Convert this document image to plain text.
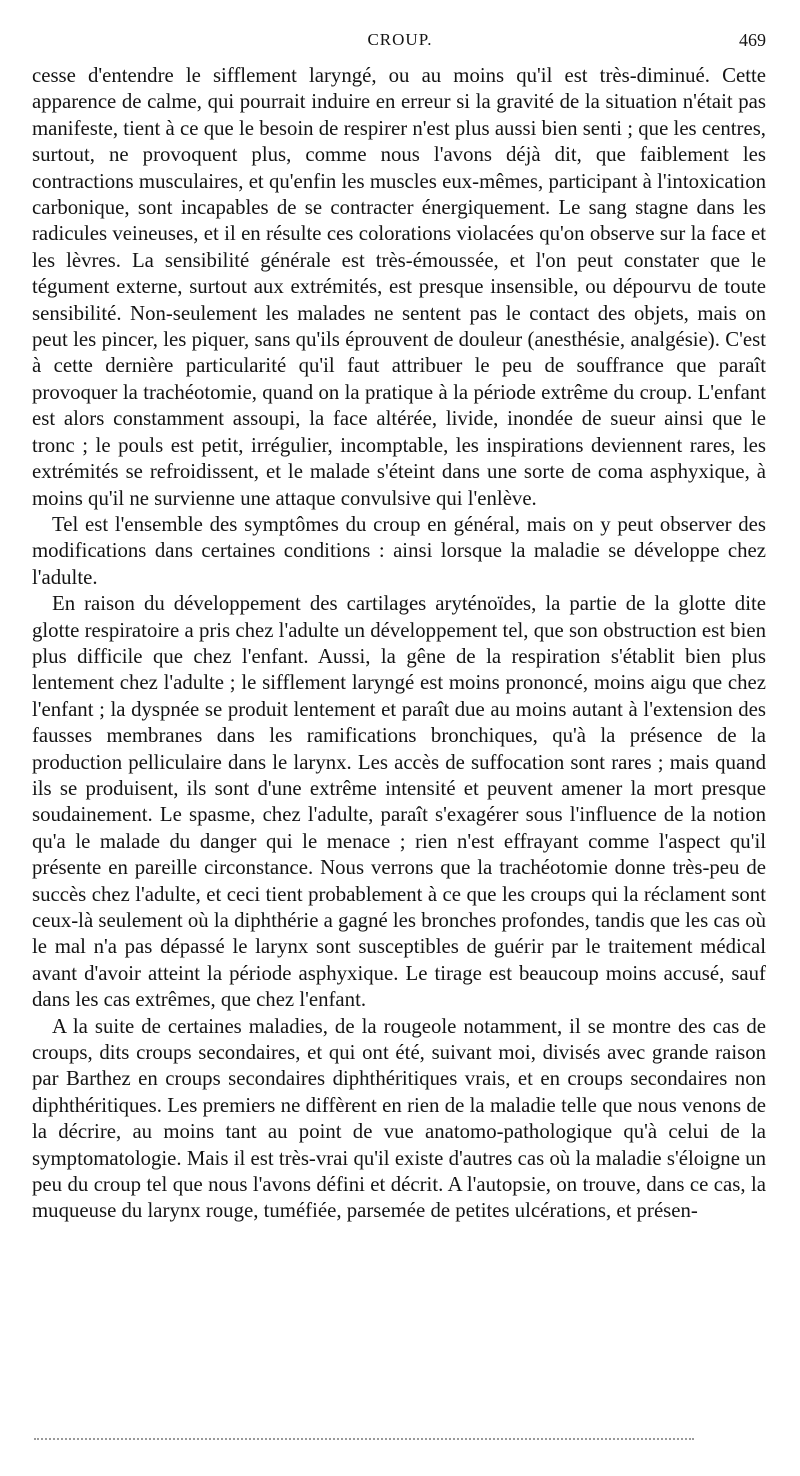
CROUP.	469

cesse d'entendre le sifflement laryngé, ou au moins qu'il est très-diminué. Cette apparence de calme, qui pourrait induire en erreur si la gravité de la situation n'était pas manifeste, tient à ce que le besoin de respirer n'est plus aussi bien senti ; que les centres, surtout, ne provoquent plus, comme nous l'avons déjà dit, que faiblement les contractions musculaires, et qu'enfin les muscles eux-mêmes, participant à l'intoxication carbonique, sont incapables de se contracter énergiquement. Le sang stagne dans les radicules veineuses, et il en résulte ces colorations violacées qu'on observe sur la face et les lèvres. La sensibilité générale est très-émoussée, et l'on peut constater que le tégument externe, surtout aux extrémités, est presque insensible, ou dépourvu de toute sensibilité. Non-seulement les malades ne sentent pas le contact des objets, mais on peut les pincer, les piquer, sans qu'ils éprouvent de douleur (anesthésie, analgésie). C'est à cette dernière particularité qu'il faut attribuer le peu de souffrance que paraît provoquer la trachéotomie, quand on la pratique à la période extrême du croup. L'enfant est alors constamment assoupi, la face altérée, livide, inondée de sueur ainsi que le tronc ; le pouls est petit, irrégulier, incomptable, les inspirations deviennent rares, les extrémités se refroidissent, et le malade s'éteint dans une sorte de coma asphyxique, à moins qu'il ne survienne une attaque convulsive qui l'enlève.

Tel est l'ensemble des symptômes du croup en général, mais on y peut observer des modifications dans certaines conditions : ainsi lorsque la maladie se développe chez l'adulte.

En raison du développement des cartilages aryténoïdes, la partie de la glotte dite glotte respiratoire a pris chez l'adulte un développement tel, que son obstruction est bien plus difficile que chez l'enfant. Aussi, la gêne de la respiration s'établit bien plus lentement chez l'adulte ; le sifflement laryngé est moins prononcé, moins aigu que chez l'enfant ; la dyspnée se produit lentement et paraît due au moins autant à l'extension des fausses membranes dans les ramifications bronchiques, qu'à la présence de la production pelliculaire dans le larynx. Les accès de suffocation sont rares ; mais quand ils se produisent, ils sont d'une extrême intensité et peuvent amener la mort presque soudainement. Le spasme, chez l'adulte, paraît s'exagérer sous l'influence de la notion qu'a le malade du danger qui le menace ; rien n'est effrayant comme l'aspect qu'il présente en pareille circonstance. Nous verrons que la trachéotomie donne très-peu de succès chez l'adulte, et ceci tient probablement à ce que les croups qui la réclament sont ceux-là seulement où la diphthérie a gagné les bronches profondes, tandis que les cas où le mal n'a pas dépassé le larynx sont susceptibles de guérir par le traitement médical avant d'avoir atteint la période asphyxique. Le tirage est beaucoup moins accusé, sauf dans les cas extrêmes, que chez l'enfant.

A la suite de certaines maladies, de la rougeole notamment, il se montre des cas de croups, dits croups secondaires, et qui ont été, suivant moi, divisés avec grande raison par Barthez en croups secondaires diphthéritiques vrais, et en croups secondaires non diphthéritiques. Les premiers ne diffèrent en rien de la maladie telle que nous venons de la décrire, au moins tant au point de vue anatomo-pathologique qu'à celui de la symptomatologie. Mais il est très-vrai qu'il existe d'autres cas où la maladie s'éloigne un peu du croup tel que nous l'avons défini et décrit. A l'autopsie, on trouve, dans ce cas, la muqueuse du larynx rouge, tuméfiée, parsemée de petites ulcérations, et présen-
